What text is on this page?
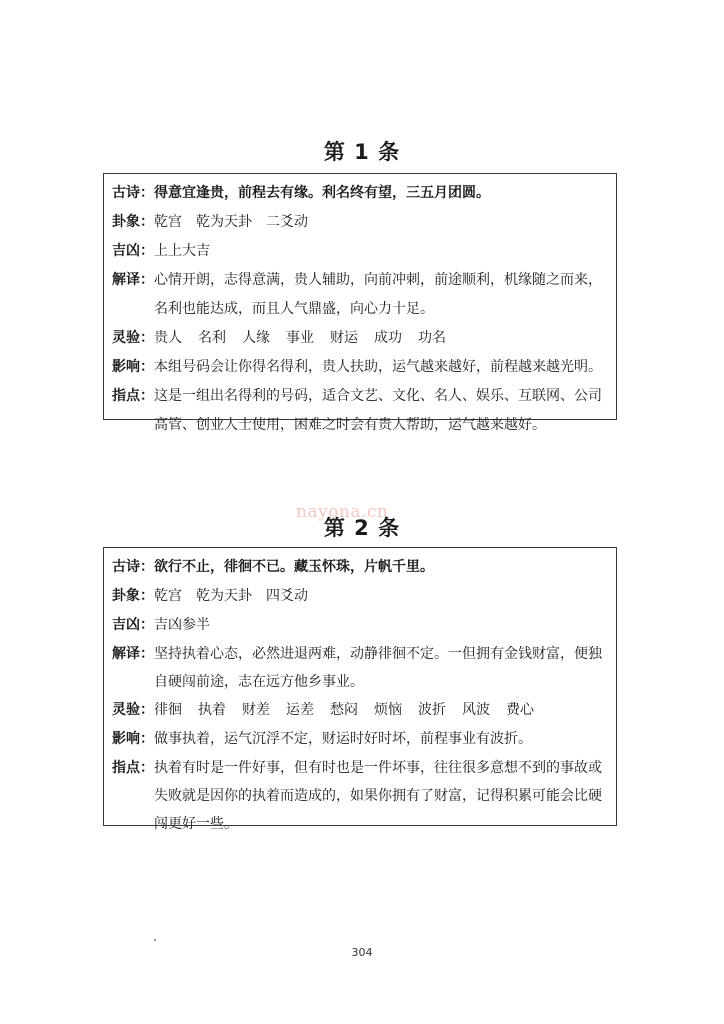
第 1 条
古诗： 得意宜逢贵，前程去有缘。利名终有望，三五月团圆。
卦象： 乾宫　乾为天卦　二爻动
吉凶： 上上大吉
解译： 心情开朗，志得意满，贵人辅助，向前冲刺，前途顺利，机缘随之而来，名利也能达成，而且人气鼎盛，向心力十足。
灵验： 贵人 名利 人缘 事业 财运 成功 功名
影响： 本组号码会让你得名得利，贵人扶助，运气越来越好，前程越来越光明。
指点： 这是一组出名得利的号码，适合文艺、文化、名人、娱乐、互联网、公司高管、创业人士使用，困难之时会有贵人帮助，运气越来越好。
nayona.cn
第 2 条
古诗： 欲行不止，徘徊不已。藏玉怀珠，片帆千里。
卦象： 乾宫　乾为天卦　四爻动
吉凶： 吉凶参半
解译： 坚持执着心态，必然进退两难，动静徘徊不定。一但拥有金钱财富，便独自硬闯前途，志在远方他乡事业。
灵验： 徘徊 执着 财差 运差 愁闷 烦恼 波折 风波 费心
影响： 做事执着，运气沉浮不定，财运时好时坏，前程事业有波折。
指点： 执着有时是一件好事，但有时也是一件坏事，往往很多意想不到的事故或失败就是因你的执着而造成的，如果你拥有了财富，记得积累可能会比硬闯更好一些。
304
